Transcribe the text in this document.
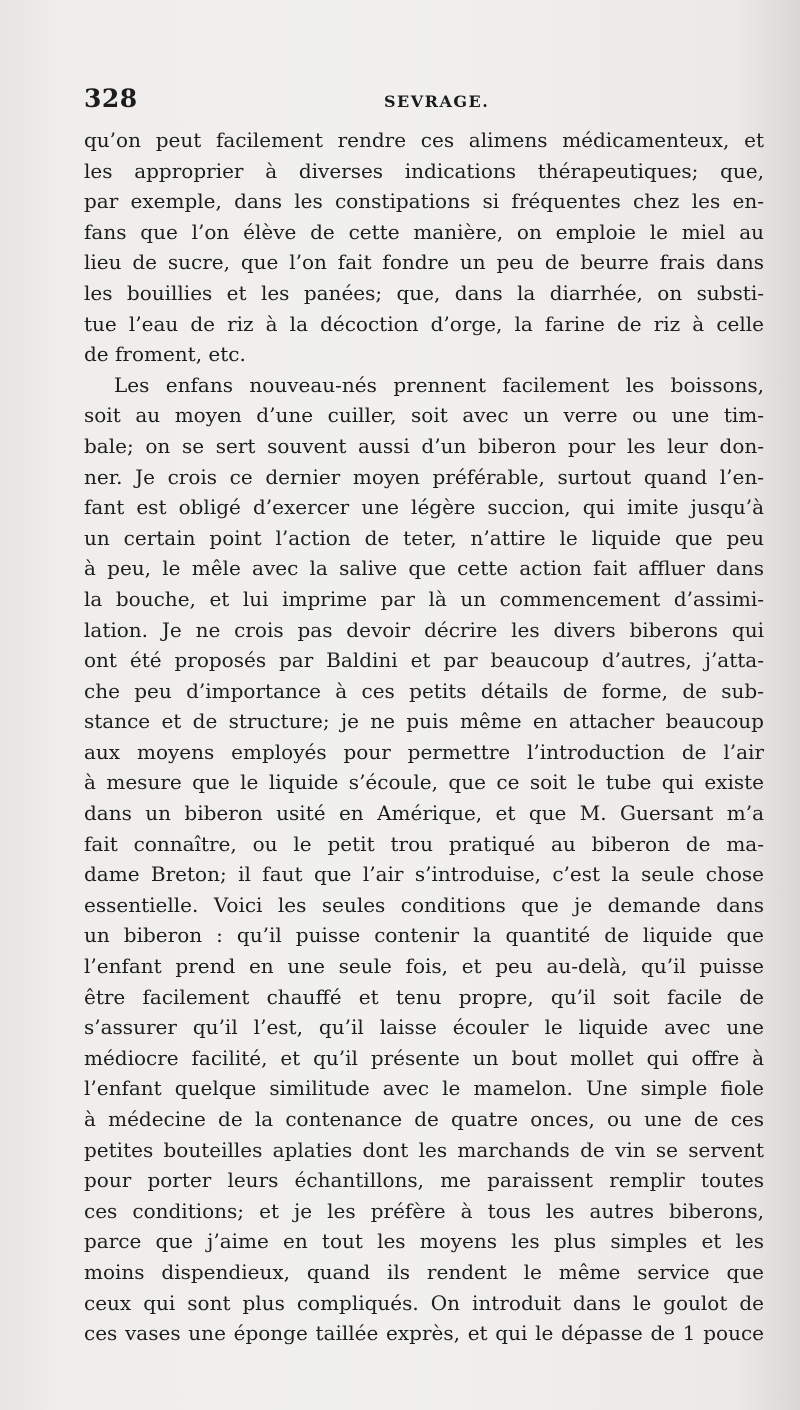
328	SEVRAGE.
qu’on peut facilement rendre ces alimens médicamenteux, et
les approprier à diverses indications thérapeutiques; que,
par exemple, dans les constipations si fréquentes chez les en-
fans que l’on élève de cette manière, on emploie le miel au
lieu de sucre, que l’on fait fondre un peu de beurre frais dans
les bouillies et les panées; que, dans la diarrhée, on substi-
tue l’eau de riz à la décoction d’orge, la farine de riz à celle
de froment, etc.
Les enfans nouveau-nés prennent facilement les boissons,
soit au moyen d’une cuiller, soit avec un verre ou une tim-
bale; on se sert souvent aussi d’un biberon pour les leur don-
ner. Je crois ce dernier moyen préférable, surtout quand l’en-
fant est obligé d’exercer une légère succion, qui imite jusqu’à
un certain point l’action de teter, n’attire le liquide que peu
à peu, le mêle avec la salive que cette action fait affluer dans
la bouche, et lui imprime par là un commencement d’assimi-
lation. Je ne crois pas devoir décrire les divers biberons qui
ont été proposés par Baldini et par beaucoup d’autres, j’atta-
che peu d’importance à ces petits détails de forme, de sub-
stance et de structure; je ne puis même en attacher beaucoup
aux moyens employés pour permettre l’introduction de l’air
à mesure que le liquide s’écoule, que ce soit le tube qui existe
dans un biberon usité en Amérique, et que M. Guersant m’a
fait connaître, ou le petit trou pratiqué au biberon de ma-
dame Breton; il faut que l’air s’introduise, c’est la seule chose
essentielle. Voici les seules conditions que je demande dans
un biberon : qu’il puisse contenir la quantité de liquide que
l’enfant prend en une seule fois, et peu au-delà, qu’il puisse
être facilement chauffé et tenu propre, qu’il soit facile de
s’assurer qu’il l’est, qu’il laisse écouler le liquide avec une
médiocre facilité, et qu’il présente un bout mollet qui offre à
l’enfant quelque similitude avec le mamelon. Une simple fiole
à médecine de la contenance de quatre onces, ou une de ces
petites bouteilles aplaties dont les marchands de vin se servent
pour porter leurs échantillons, me paraissent remplir toutes
ces conditions; et je les préfère à tous les autres biberons,
parce que j’aime en tout les moyens les plus simples et les
moins dispendieux, quand ils rendent le même service que
ceux qui sont plus compliqués. On introduit dans le goulot de
ces vases une éponge taillée exprès, et qui le dépasse de 1 pouce
